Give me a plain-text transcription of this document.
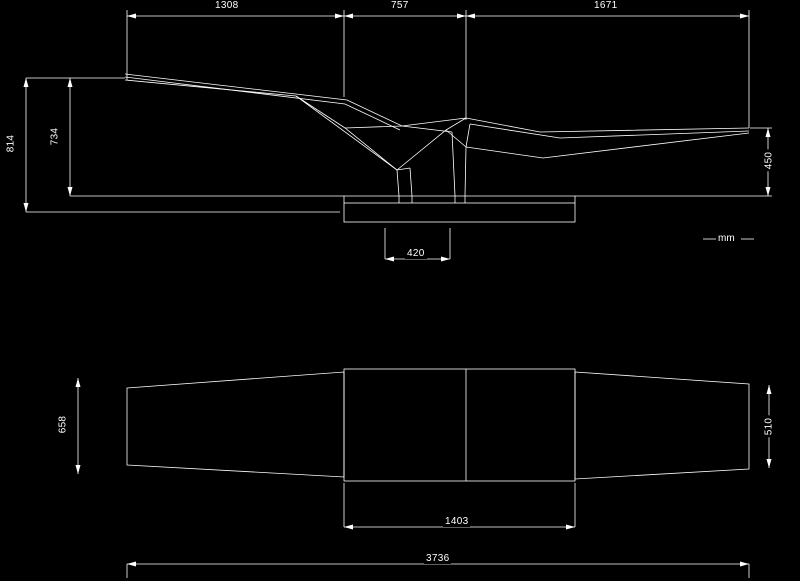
1308	757	1671
814	734
450
420
mm
658	510
1403
3736
